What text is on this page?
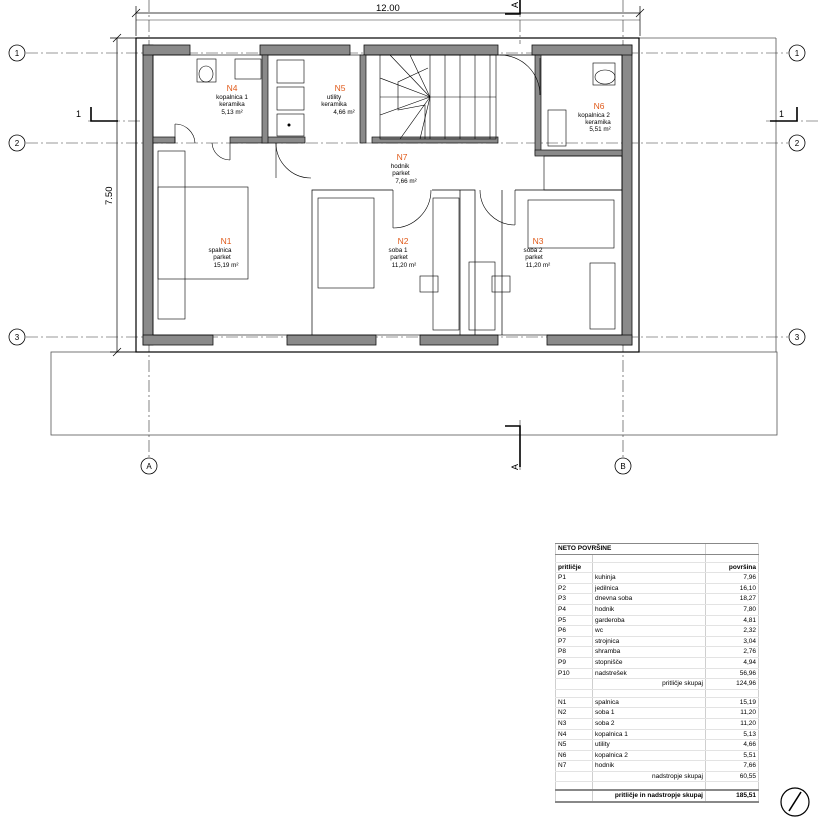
12.00
7.50
1
2
3
1
2
3
A	B
A
A
1	1
N4
kopalnica 1
keramika
5,13 m²
N5
utility
keramika
4,66 m²
N6
kopalnica 2
keramika
5,51 m²
N7
hodnik
parket
7,66 m²
N1
spalnica
parket
15,19 m²
N2
soba 1
parket
11,20 m²
N3
soba 2
parket
11,20 m²
NETO POVRŠINE		

pritličje		površina
P1	kuhinja	7,96
P2	jedilnica	16,10
P3	dnevna soba	18,27
P4	hodnik	7,80
P5	garderoba	4,81
P6	wc	2,32
P7	strojnica	3,04
P8	shramba	2,76
P9	stopnišče	4,94
P10	nadstrešek	56,96
	pritličje skupaj	124,96

N1	spalnica	15,19
N2	soba 1	11,20
N3	soba 2	11,20
N4	kopalnica 1	5,13
N5	utility	4,66
N6	kopalnica 2	5,51
N7	hodnik	7,66
	nadstropje skupaj	60,55

	pritličje in nadstropje skupaj	185,51
